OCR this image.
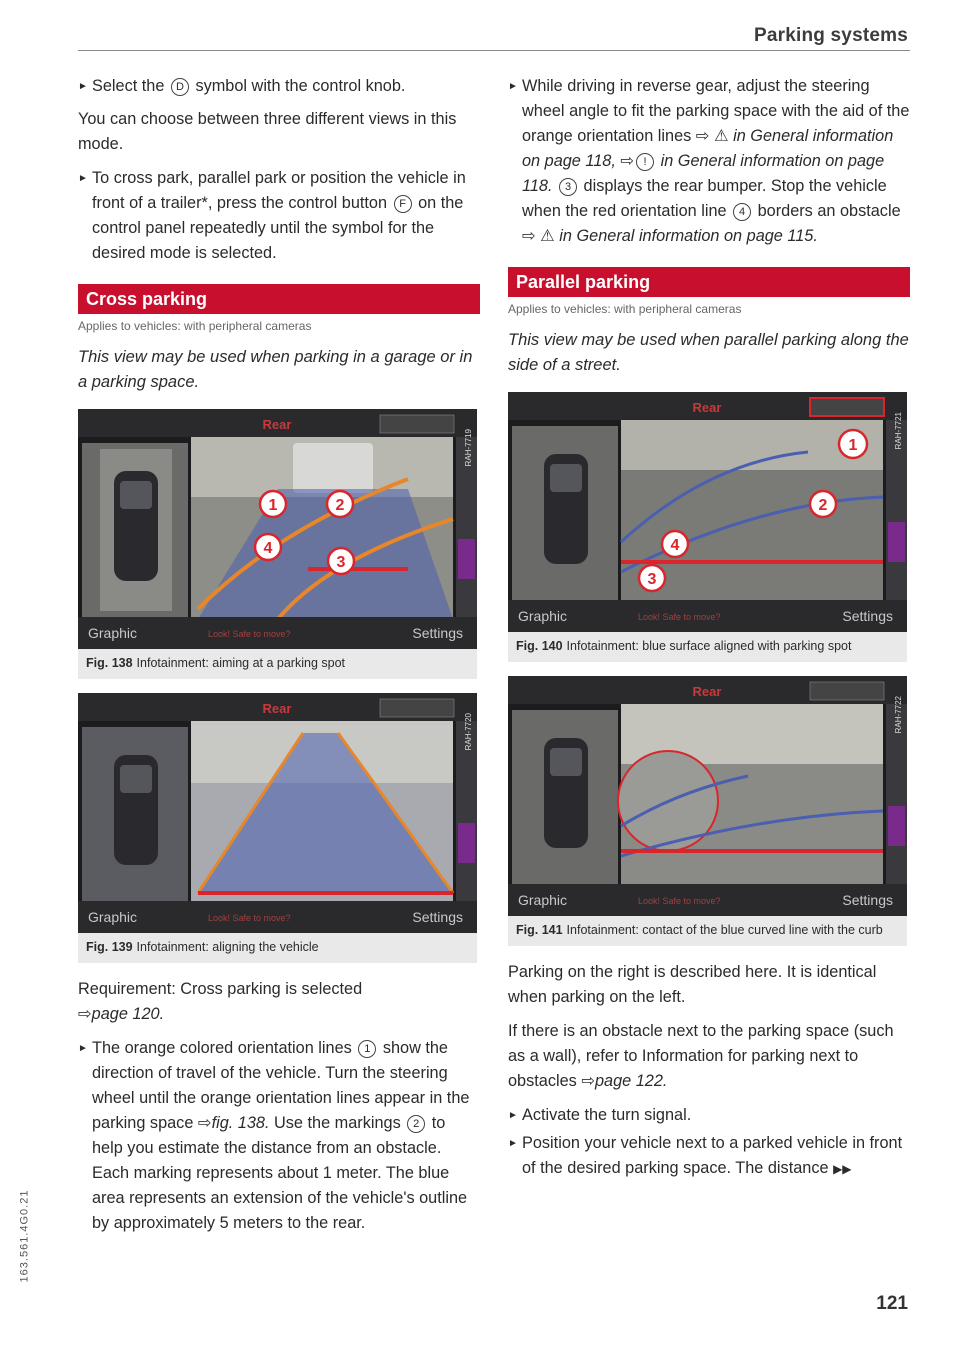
Parking systems

► Select the D symbol with the control knob.

You can choose between three different views in this mode.

► To cross park, parallel park or position the vehicle in front of a trailer*, press the control button F on the control panel repeatedly until the symbol for the desired mode is selected.

Cross parking
Applies to vehicles: with peripheral cameras

This view may be used when parking in a garage or in a parking space.

Rear
Graphic	Look! Safe to move?	Settings
RAH-7719
1	2
4
3
Fig. 138 Infotainment: aiming at a parking spot
Rear
Graphic	Look! Safe to move?	Settings
RAH-7720
Fig. 139 Infotainment: aligning the vehicle

Requirement: Cross parking is selected

⇨page 120.

► The orange colored orientation lines 1 show the direction of travel of the vehicle. Turn the steering wheel until the orange orientation lines appear in the parking space ⇨fig. 138. Use the markings 2 to help you estimate the distance from an obstacle. Each marking represents about 1 meter. The blue area represents an extension of the vehicle's outline by approximately 5 meters to the rear.

► While driving in reverse gear, adjust the steering wheel angle to fit the parking space with the aid of the orange orientation lines ⇨ ⚠ in General information on page 118, ⇨ ! in General information on page 118. 3 displays the rear bumper. Stop the vehicle when the red orientation line 4 borders an obstacle ⇨ ⚠ in General information on page 115.

Parallel parking
Applies to vehicles: with peripheral cameras

This view may be used when parallel parking along the side of a street.

Rear
Graphic	Look! Safe to move?	Settings
RAH-7721
1
2
4
3
Fig. 140 Infotainment: blue surface aligned with parking spot
Rear
Graphic	Look! Safe to move?	Settings
RAH-7722
Fig. 141 Infotainment: contact of the blue curved line with the curb

Parking on the right is described here. It is identical when parking on the left.

If there is an obstacle next to the parking space (such as a wall), refer to Information for parking next to obstacles ⇨page 122.

► Activate the turn signal.

► Position your vehicle next to a parked vehicle in front of the desired parking space. The distance ▶▶

163.561.4G0.21
121
